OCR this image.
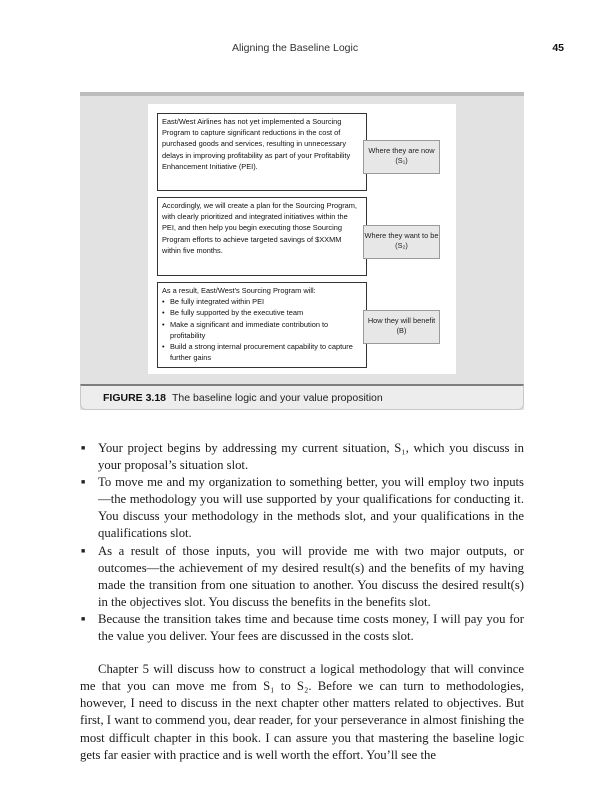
Aligning the Baseline Logic	45
East/West Airlines has not yet implemented a Sourcing Program to capture significant reductions in the cost of purchased goods and services, resulting in unnecessary delays in improving profitability as part of your Profitability Enhancement Initiative (PEI).
Where they are now (S₁)
Accordingly, we will create a plan for the Sourcing Program, with clearly prioritized and integrated initiatives within the PEI, and then help you begin executing those Sourcing Program efforts to achieve targeted savings of $XXMM within five months.
Where they want to be (S₂)
As a result, East/West's Sourcing Program will:
• Be fully integrated within PEI
• Be fully supported by the executive team
• Make a significant and immediate contribution to profitability
• Build a strong internal procurement capability to capture further gains
How they will benefit (B)
FIGURE 3.18 The baseline logic and your value proposition
■ Your project begins by addressing my current situation, S₁, which you discuss in your proposal’s situation slot.
■ To move me and my organization to something better, you will employ two inputs—the methodology you will use supported by your qualifications for conducting it. You discuss your methodology in the methods slot, and your qualifications in the qualifications slot.
■ As a result of those inputs, you will provide me with two major outputs, or outcomes—the achievement of my desired result(s) and the benefits of my having made the transition from one situation to another. You discuss the desired result(s) in the objectives slot. You discuss the benefits in the benefits slot.
■ Because the transition takes time and because time costs money, I will pay you for the value you deliver. Your fees are discussed in the costs slot.

Chapter 5 will discuss how to construct a logical methodology that will convince me that you can move me from S₁ to S₂. Before we can turn to methodologies, however, I need to discuss in the next chapter other matters related to objectives. But first, I want to commend you, dear reader, for your perseverance in almost finishing the most difficult chapter in this book. I can assure you that mastering the baseline logic gets far easier with practice and is well worth the effort. You’ll see the
